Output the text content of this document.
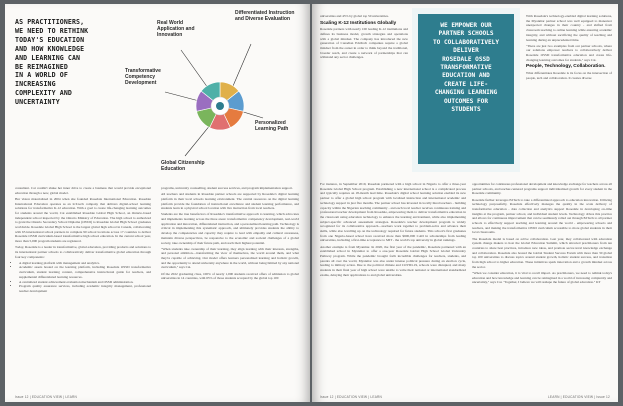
AS PRACTITIONERS,
WE NEED TO RETHINK
TODAY'S EDUCATION
AND HOW KNOWLEDGE
AND LEARNING CAN
BE REIMAGINED
IN A WORLD OF
INCREASING
COMPLEXITY AND
UNCERTAINTY
Real World Application and Innovation
Differentiated Instruction and Diverse Evaluation
Transformative Competency Development
Personalized Learning Path
Global Citizenship Education

consultant. Cai couldn't shake her inner drive to create a business that would provide exceptional education through a new, global model.

Her vision materialized in 2004 when she founded Rosedale International Education. Rosedale International Education operates as an IoT-tech company that delivers digital-school learning solutions for transformative K-12 education. With a goal to create life-changing learning outcomes for students around the world, Cai established Rosedale Global High School, an Ontario-based independent school inspected by the Ontario Ministry of Education. The high school is authorized to grant the Ontario Secondary School Diploma (OSSD) to Rosedale Global High School graduates worldwide. Rosedale Global High School is the largest global high school in Canada, collaborating with 65 international school partners in complete 90 school locations across 17 countries to deliver Rosedale OSSD curriculum-based transformative high school education. In the current school year, more than 5,000 program students are registered.

Today, Rosedale is a leader in transformative, global education, providing products and solutions to its international partner schools to collaboratively deliver transformative global education through four key components:

• A digital learning platform with management and analytics.
• Academic assets hosted on the learning platform, including Rosedale OSSD transformative curriculum, student learning content, comprehensive instructional guide for teachers, and supplemental differentiated learning resources.
• A centralized student achievement evaluation mechanism and OSSD administration.
• Program quality assurance services, including academic integrity management, professional teacher development

programs, university counselling, student success services, and program implementation support.

All teachers and students in Rosedale partner schools are supported by Rosedale's digital learning platform in their local schools learning environment. The central resources on the digital learning platform provide the foundation of instructional excellence and student learning performance, and students learn in a physical school location with live instruction from local teachers.

Students are the true benefactors of Rosedale's transformative approach to learning, which advocates and implements learning across the three areas: transformative competency development, real-world application and innovation, differentiated instruction, and a personalized learning path. Technology is critical in implementing this systematic approach, and ultimately provides students the ability to develop the competencies and capacity they require to lead with empathy and cultural awareness, maintain diverse perspectives, be responsive to the economic and societal challenges of a global society, take ownership of their future path, and reach their highest potential.

"When students take ownership of their learning, they align learning with their interests, strengths, and personal ambition—transforming the view of themselves, the world around them, and what they're capable of achieving. Our model offers learners personalized learning and holistic growth, and the opportunity to attend university anywhere in the world, without being limited by any national curriculum," says Cai.

Of the 2022 graduating class, 100% of nearly 1,000 students received offers of admission to global universities in 14 countries, with 65% of those students accepted by the global top 100

Issue 12 | EDUCATION VIEW | LEARN

universities and 45% by global top 50 universities.

Scaling K-12 Institutions Globally

Rosedale partners with nearly 100 leading K-12 institutions and defines its business model, growth strategies and operations with a global mindset. The company has introduced the new generation of Canadian EduTech companies require a global mindset from the outset in order to think beyond the traditional, broader reach, and create a network of partnerships that can withstand any sector challenges.

WE EMPOWER OUR
PARTNER SCHOOLS
TO COLLABORATIVELY
DELIVER
ROSEDALE OSSD
TRANSFORMATIVE
EDUCATION AND
CREATE LIFE-
CHANGING LEARNING
OUTCOMES FOR
STUDENTS

With Rosedale's technology-enabled digital learning solutions, the Myanmar partner school was well equipped to maneuver unexpected changes in their country - and shifted from classroom teaching to online learning while ensuring academic integrity, and without sacrificing the quality of teaching and learning during an unprecedented time.

"There are just two examples from our partner schools, where our solutions empower teachers to collaboratively deliver Rosedale OSSD transformative education and create life-changing learning outcomes for students," says Cai.

People, Technology, Collaboration.

What differentiates Rosedale is its focus on the intersection of people, tech and collaboration. It creates diverse

For instance, in September 2019, Rosedale partnered with a high school in Nigeria to offer a three-year Rosedale Global High School program. Establishing a new international school is a complicated process and typically requires an 18-month lead time. Rosedale's digital school learning solution enabled its new partner to offer a global high school program with localized instruction and international academic and technology support in just five months. The partner school has invested in locally hired teachers - building capacity within the Nigerian teaching community - and each local teacher receives continuous training and professional teacher development from Rosedale, empowering them to deliver transformative education in the classroom using education technology to enhance the learning environment, while also implementing subject-specific advanced assessment strategies. Rosedale's teacher development program is widely recognized for its collaborative approach—teachers work together to problem-solve and advance their skills, while also levelling up on the technology required for future students. This school's first graduates from one Nigeria-based school have received more than $600,000 CAD in scholarships from leading universities, including a first-time acceptance to MIT - the world's top university in global rankings.

Another example is from Myanmar. In 2020, the first year of the pandemic, Rosedale partnered with an established school in Myanmar to offer a one-year Rosedale Global High School Global University Pathway program. While the pandemic brought forth incredible challenges for teachers, students, and parents all over the world, Myanmar was also under intense political pressure during an election cycle, leading to military action. Due to the political climate and COVID-19, schools were disrupted, and many students in their final year of high school were unable to write their national or international standardized exams, delaying their applications to and global universities.

opportunities for continuous professional development and knowledge exchange for teachers across all partner schools, and teacher-centered programs support individualized growth for every student in the Rosedale community.

Rosedale further leverages EdTech to take a differentiated approach to education innovation. Utilizing technology purposefully, Rosedale effectively manages the quality in the scale delivery of transformative education - data collection and analytics support Rosedale in developing on-time insights at the program, partner school, and individual student levels. Technology drives this practice and allows for continuous improvement that can be seamlessly rolled out through EdTech to all partner schools to effectively support teaching and learning around the world - empowering schools and teachers, and making the transformative OSSD curriculum accessible to more global students in their local classrooms.

The Rosedale model is based on active collaboration. Last year, they collaborated with education system change makers to host the Global Education Summit, which attracted practitioners from ten countries to share best practices, introduce new ideas, and promote sector-level knowledge exchange and collaboration. Rosedale also hosted the Global Student Success Forum with more than 30 global top 100 universities to discuss topics around student growth, holistic student success, and transition from high school to higher education. These initiatives spark innovation and a growth mindset across the sector.

"When we consider education, it is vital to recall impact. As practitioners, we need to rethink today's education and how knowledge and learning can be reimagined in a world of increasing complexity and uncertainty," says Cai. "Together, I believe we will reshape the future of global education." KT

Issue 12 | EDUCATION VIEW | LEARN	LEARN | EDUCATION VIEW | Issue 12
